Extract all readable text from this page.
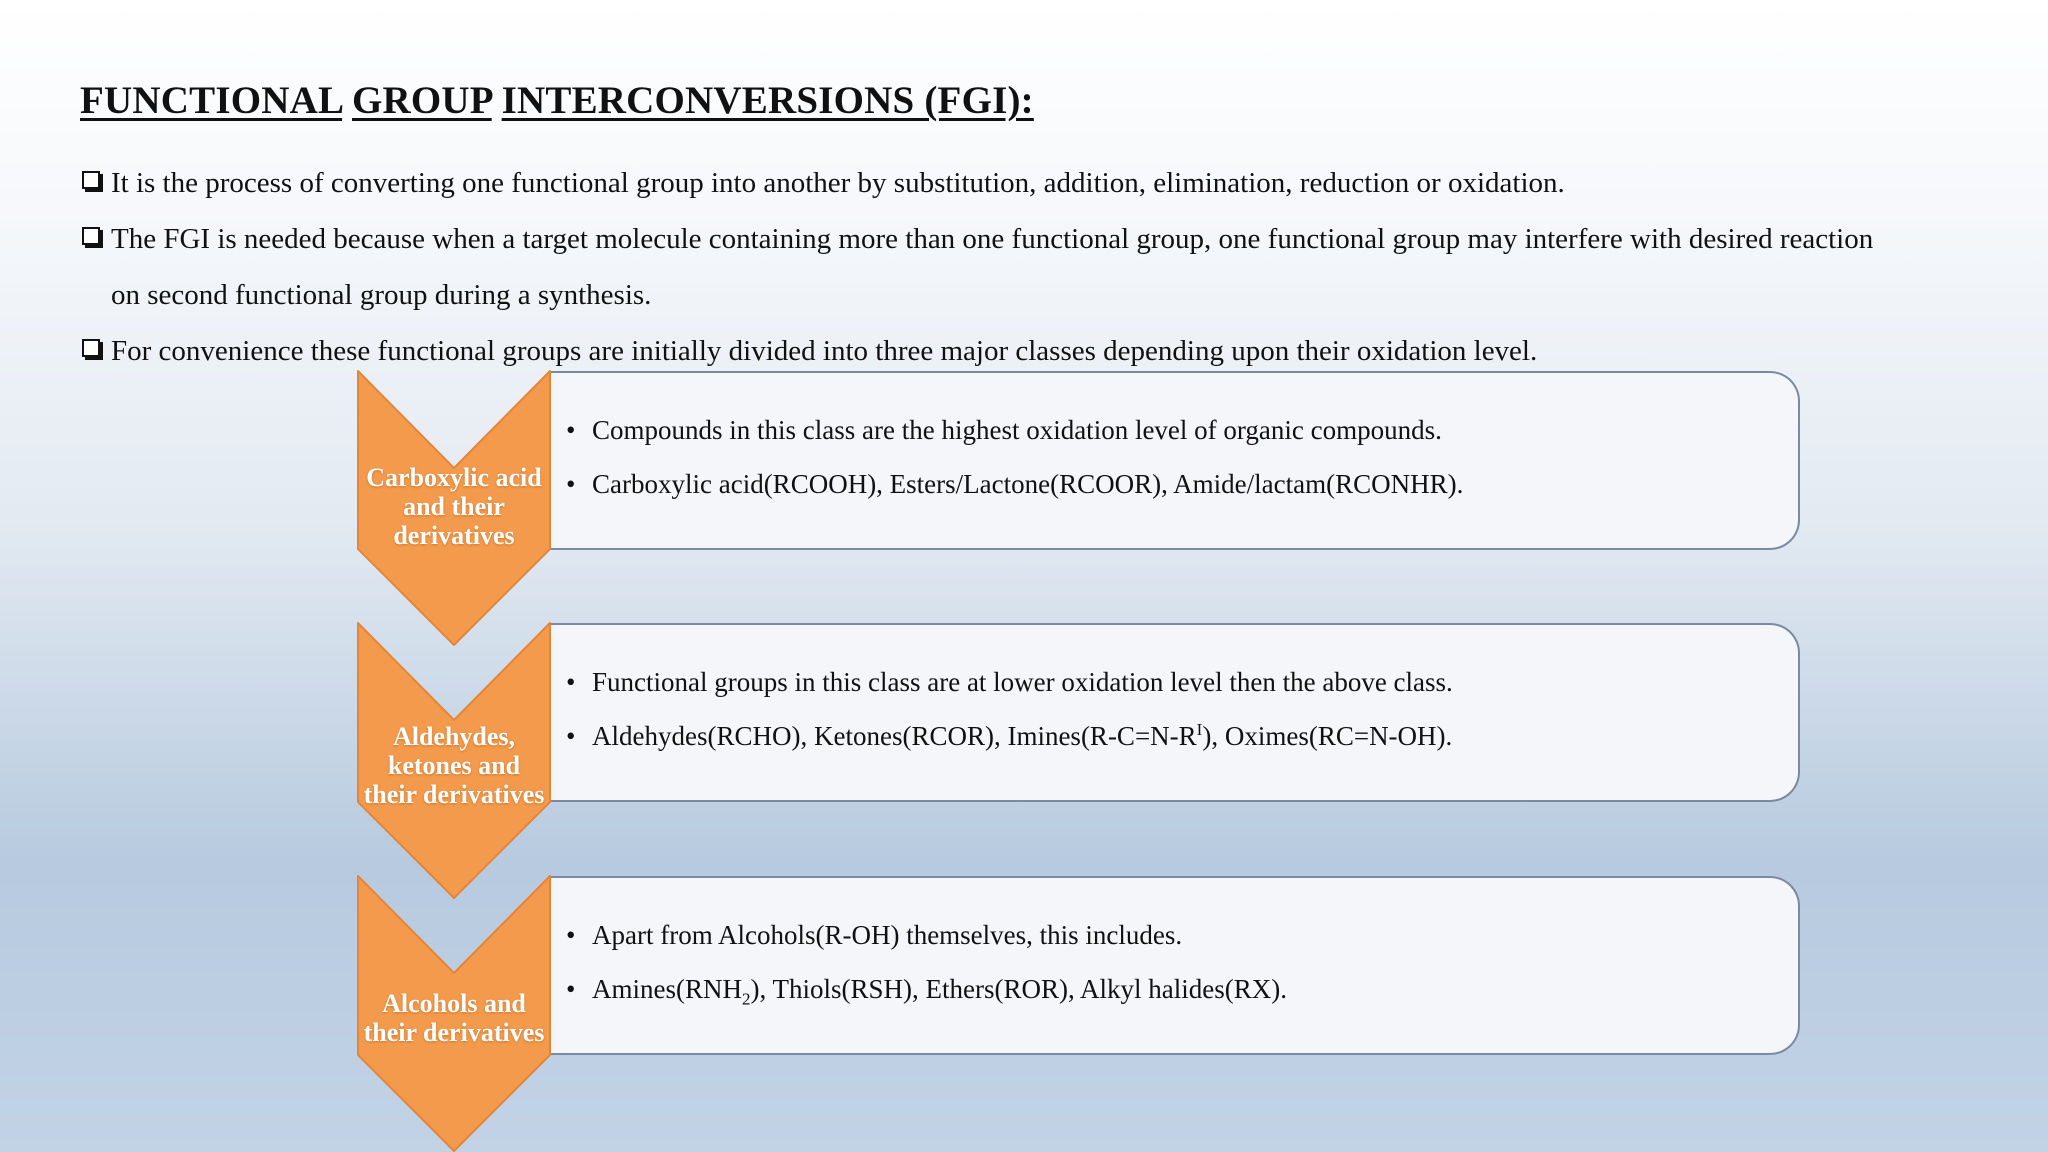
FUNCTIONAL GROUP INTERCONVERSIONS (FGI):
It is the process of converting one functional group into another by substitution, addition, elimination, reduction or oxidation.
The FGI is needed because when a target molecule containing more than one functional group, one functional group may interfere with desired reaction
on second functional group during a synthesis.
For convenience these functional groups are initially divided into three major classes depending upon their oxidation level.
• Compounds in this class are the highest oxidation level of organic compounds.
• Carboxylic acid(RCOOH), Esters/Lactone(RCOOR), Amide/lactam(RCONHR).
• Functional groups in this class are at lower oxidation level then the above class.
• Aldehydes(RCHO), Ketones(RCOR), $Imines(R-C=N-R^I)$, Oximes(RC=N-OH).
• Apart from Alcohols(R-OH) themselves, this includes.
• $Amines(RNH_2)$, Thiols(RSH), Ethers(ROR), Alkyl halides(RX).
Carboxylic acid and their derivatives
Aldehydes, ketones and their derivatives
Alcohols and their derivatives
